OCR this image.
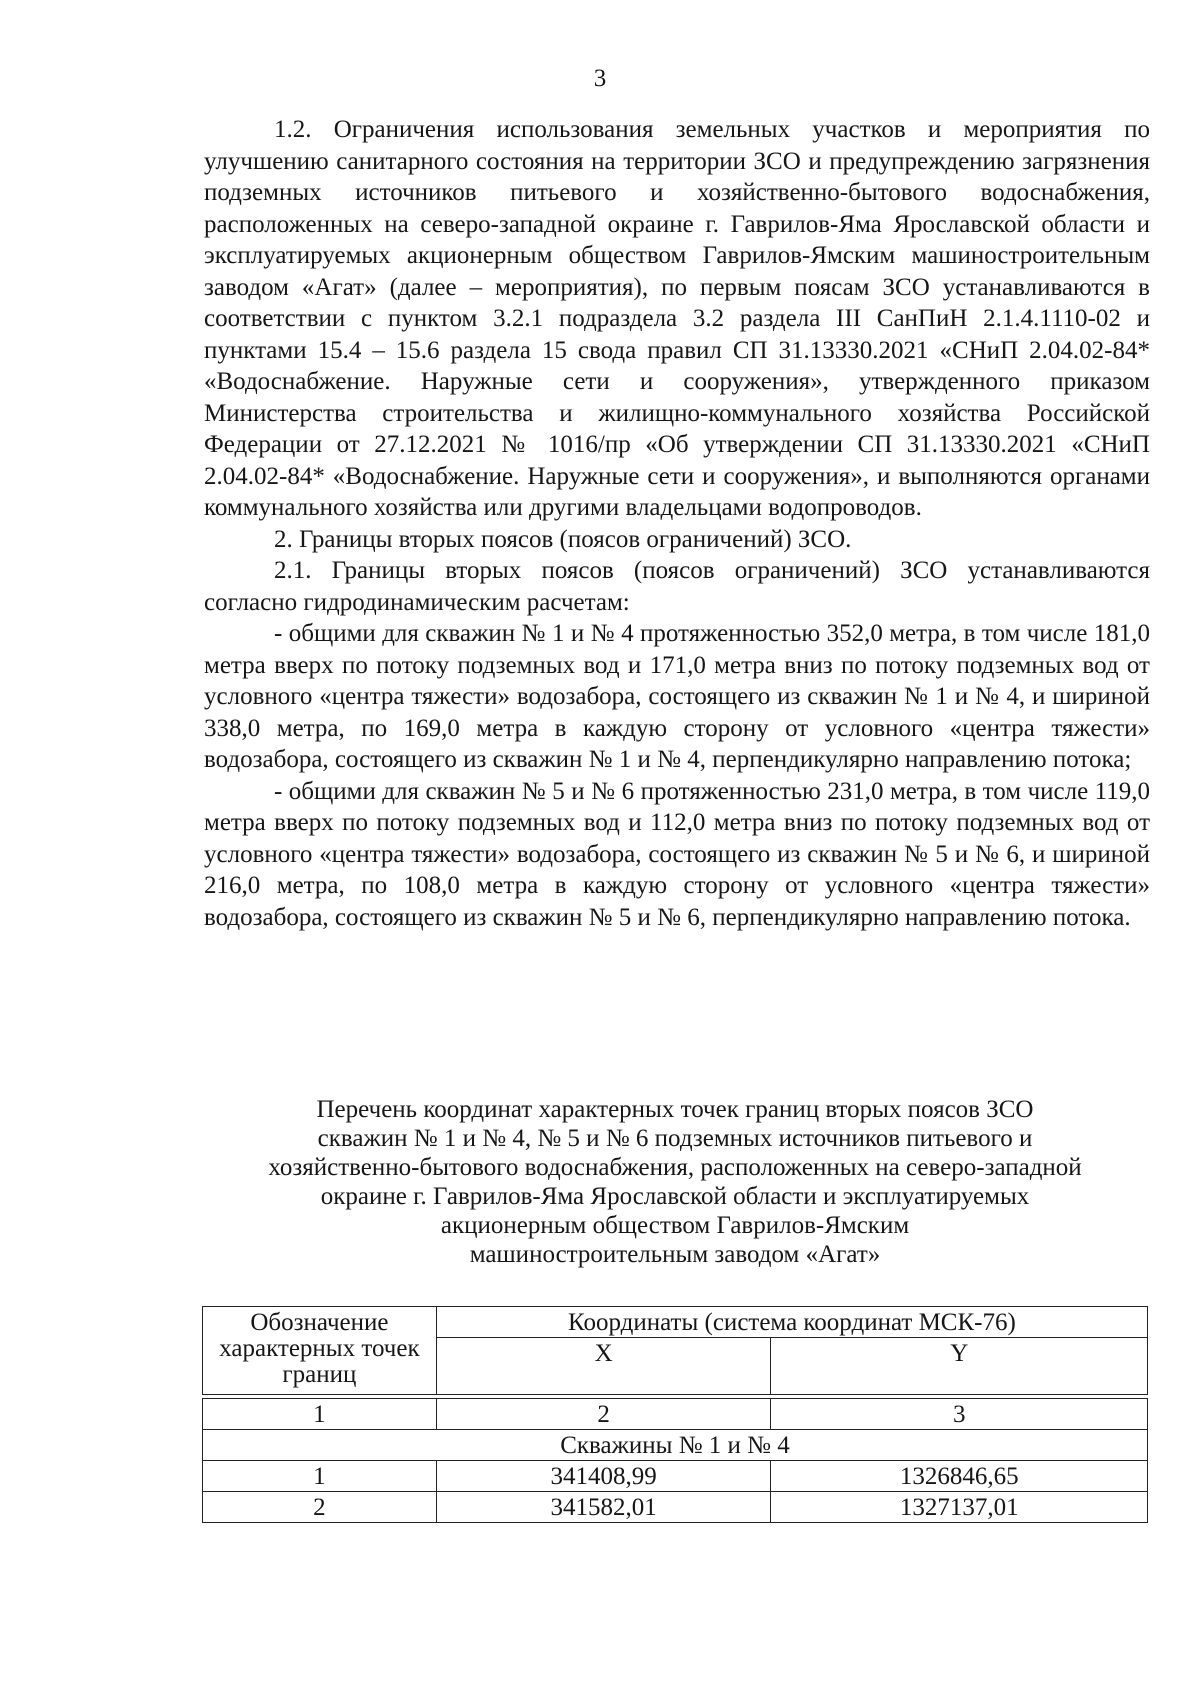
3

1.2. Ограничения использования земельных участков и мероприятия по улучшению санитарного состояния на территории ЗСО и предупреждению загрязнения подземных источников питьевого и хозяйственно-бытового водоснабжения, расположенных на северо-западной окраине г. Гаврилов-Яма Ярославской области и эксплуатируемых акционерным обществом Гаврилов-Ямским машиностроительным заводом «Агат» (далее – мероприятия), по первым поясам ЗСО устанавливаются в соответствии с пунктом 3.2.1 подраздела 3.2 раздела III СанПиН 2.1.4.1110-02 и пунктами 15.4 – 15.6 раздела 15 свода правил СП 31.13330.2021 «СНиП 2.04.02-84* «Водоснабжение. Наружные сети и сооружения», утвержденного приказом Министерства строительства и жилищно-коммунального хозяйства Российской Федерации от 27.12.2021 № 1016/пр «Об утверждении СП 31.13330.2021 «СНиП 2.04.02-84* «Водоснабжение. Наружные сети и сооружения», и выполняются органами коммунального хозяйства или другими владельцами водопроводов.

2. Границы вторых поясов (поясов ограничений) ЗСО.

2.1. Границы вторых поясов (поясов ограничений) ЗСО устанавливаются согласно гидродинамическим расчетам:

- общими для скважин № 1 и № 4 протяженностью 352,0 метра, в том числе 181,0 метра вверх по потоку подземных вод и 171,0 метра вниз по потоку подземных вод от условного «центра тяжести» водозабора, состоящего из скважин № 1 и № 4, и шириной 338,0 метра, по 169,0 метра в каждую сторону от условного «центра тяжести» водозабора, состоящего из скважин № 1 и № 4, перпендикулярно направлению потока;

- общими для скважин № 5 и № 6 протяженностью 231,0 метра, в том числе 119,0 метра вверх по потоку подземных вод и 112,0 метра вниз по потоку подземных вод от условного «центра тяжести» водозабора, состоящего из скважин № 5 и № 6, и шириной 216,0 метра, по 108,0 метра в каждую сторону от условного «центра тяжести» водозабора, состоящего из скважин № 5 и № 6, перпендикулярно направлению потока.

Перечень координат характерных точек границ вторых поясов ЗСО
скважин № 1 и № 4, № 5 и № 6 подземных источников питьевого и
хозяйственно-бытового водоснабжения, расположенных на северо-западной
окраине г. Гаврилов-Яма Ярославской области и эксплуатируемых
акционерным обществом Гаврилов-Ямским
машиностроительным заводом «Агат»
Обозначение характерных точек границ	Координаты (система координат МСК-76)	
	X	Y

1	2	3
Скважины № 1 и № 4		
1	341408,99	1326846,65
2	341582,01	1327137,01
